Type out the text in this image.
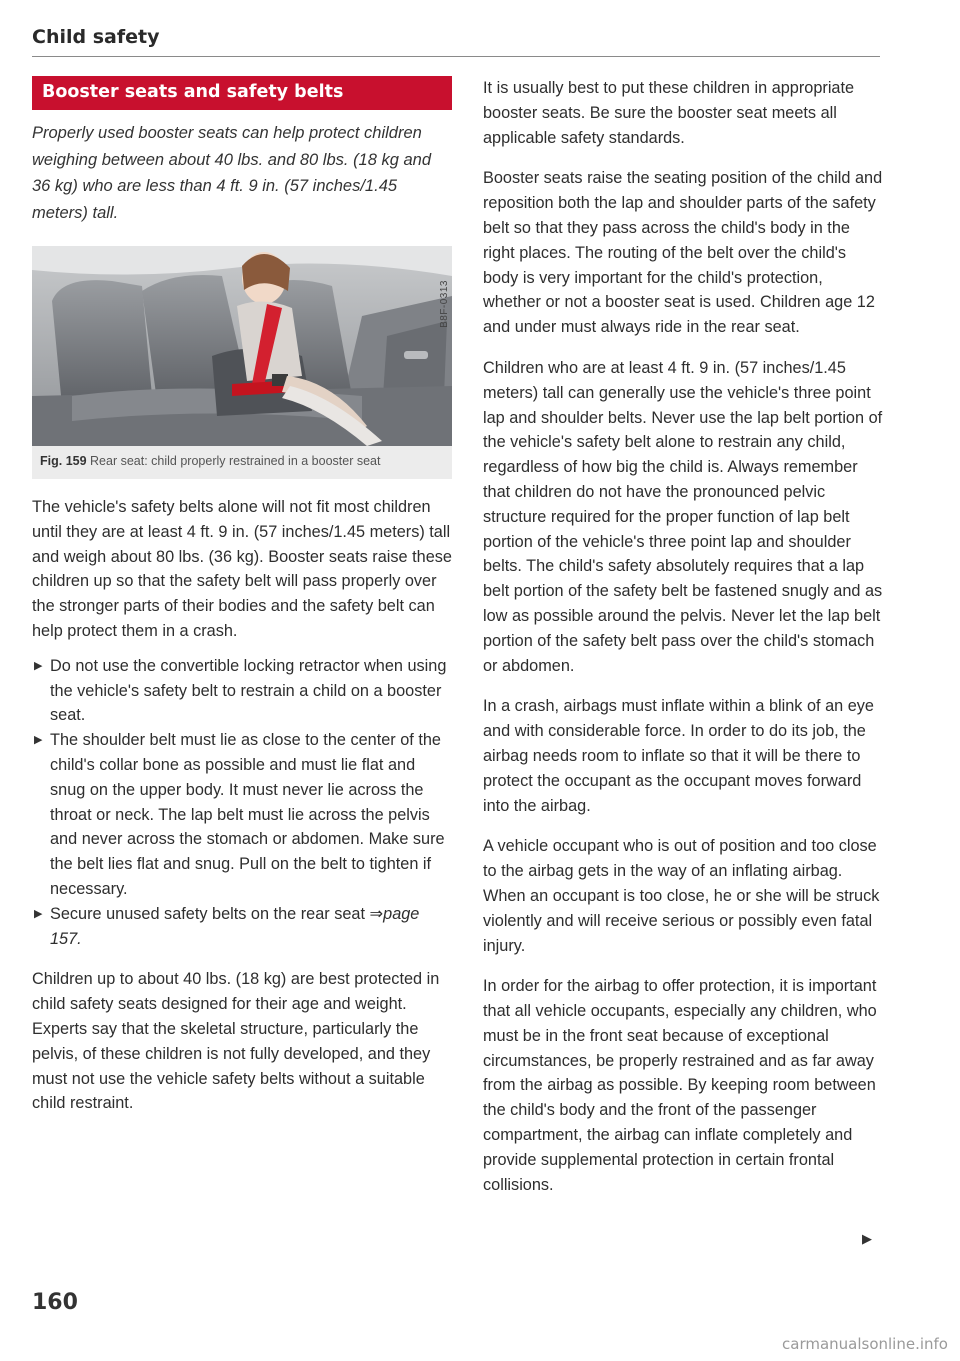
Child safety
Booster seats and safety belts

Properly used booster seats can help protect children weighing between about 40 lbs. and 80 lbs. (18 kg and 36 kg) who are less than 4 ft. 9 in. (57 inches/1.45 meters) tall.

B8F-0313
Fig. 159 Rear seat: child properly restrained in a booster seat

The vehicle's safety belts alone will not fit most children until they are at least 4 ft. 9 in. (57 inches/1.45 meters) tall and weigh about 80 lbs. (36 kg). Booster seats raise these children up so that the safety belt will pass properly over the stronger parts of their bodies and the safety belt can help protect them in a crash.

▶ Do not use the convertible locking retractor when using the vehicle's safety belt to restrain a child on a booster seat.
▶ The shoulder belt must lie as close to the center of the child's collar bone as possible and must lie flat and snug on the upper body. It must never lie across the throat or neck. The lap belt must lie across the pelvis and never across the stomach or abdomen. Make sure the belt lies flat and snug. Pull on the belt to tighten if necessary.
▶ Secure unused safety belts on the rear seat ⇒page 157.

Children up to about 40 lbs. (18 kg) are best protected in child safety seats designed for their age and weight. Experts say that the skeletal structure, particularly the pelvis, of these children is not fully developed, and they must not use the vehicle safety belts without a suitable child restraint.

It is usually best to put these children in appropriate booster seats. Be sure the booster seat meets all applicable safety standards.

Booster seats raise the seating position of the child and reposition both the lap and shoulder parts of the safety belt so that they pass across the child's body in the right places. The routing of the belt over the child's body is very important for the child's protection, whether or not a booster seat is used. Children age 12 and under must always ride in the rear seat.

Children who are at least 4 ft. 9 in. (57 inches/1.45 meters) tall can generally use the vehicle's three point lap and shoulder belts. Never use the lap belt portion of the vehicle's safety belt alone to restrain any child, regardless of how big the child is. Always remember that children do not have the pronounced pelvic structure required for the proper function of lap belt portion of the vehicle's three point lap and shoulder belts. The child's safety absolutely requires that a lap belt portion of the safety belt be fastened snugly and as low as possible around the pelvis. Never let the lap belt portion of the safety belt pass over the child's stomach or abdomen.

In a crash, airbags must inflate within a blink of an eye and with considerable force. In order to do its job, the airbag needs room to inflate so that it will be there to protect the occupant as the occupant moves forward into the airbag.

A vehicle occupant who is out of position and too close to the airbag gets in the way of an inflating airbag. When an occupant is too close, he or she will be struck violently and will receive serious or possibly even fatal injury.

In order for the airbag to offer protection, it is important that all vehicle occupants, especially any children, who must be in the front seat because of exceptional circumstances, be properly restrained and as far away from the airbag as possible. By keeping room between the child's body and the front of the passenger compartment, the airbag can inflate completely and provide supplemental protection in certain frontal collisions.

▶
160
carmanualsonline.info
